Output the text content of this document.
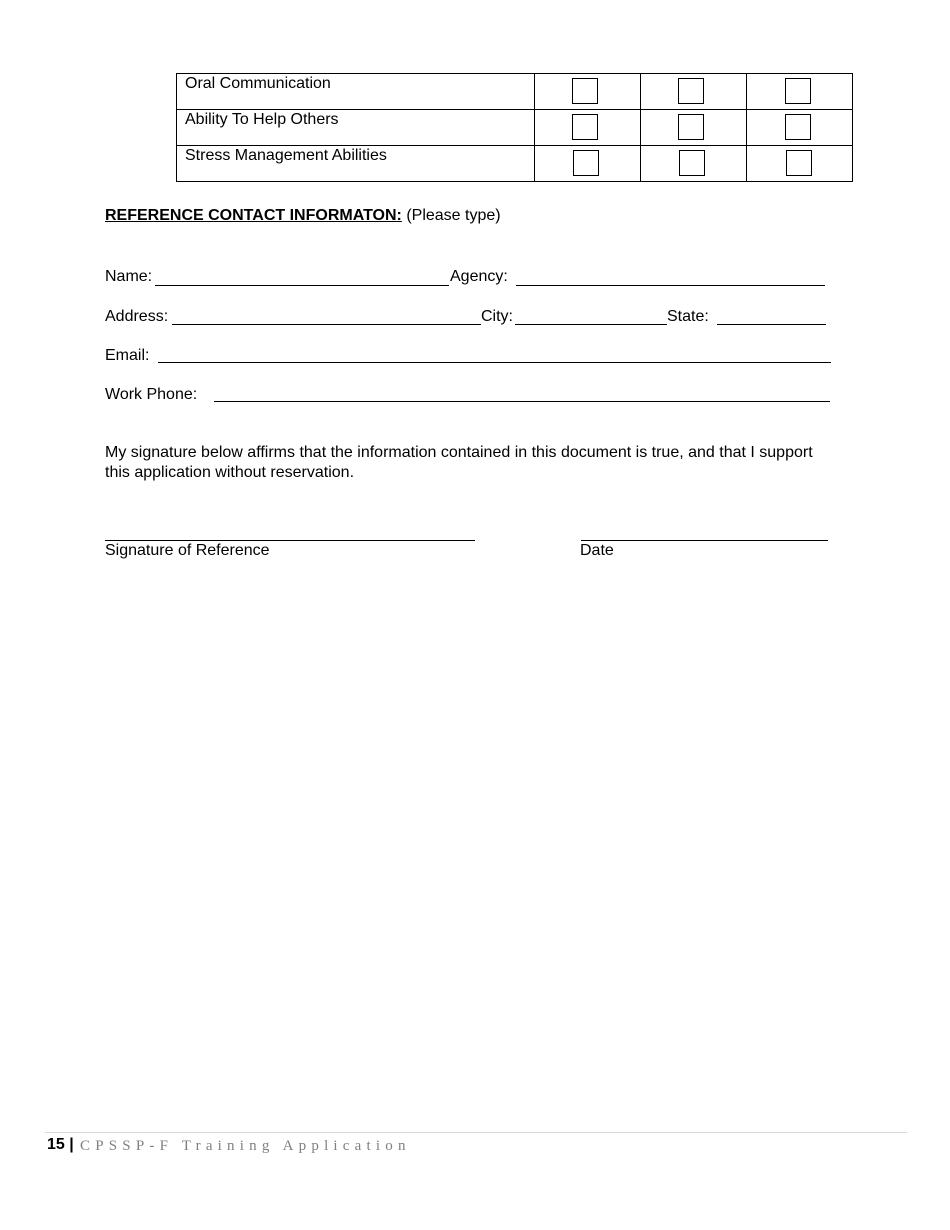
Oral Communication	

Ability To Help Others	

Stress Management Abilities	

REFERENCE CONTACT INFORMATON: (Please type)
Name:	Agency:
Address:	City:	State:
Email:
Work Phone:
My signature below affirms that the information contained in this document is true, and that I support this application without reservation.
Signature of Reference	Date
15 | CPSSP-F Training Application
